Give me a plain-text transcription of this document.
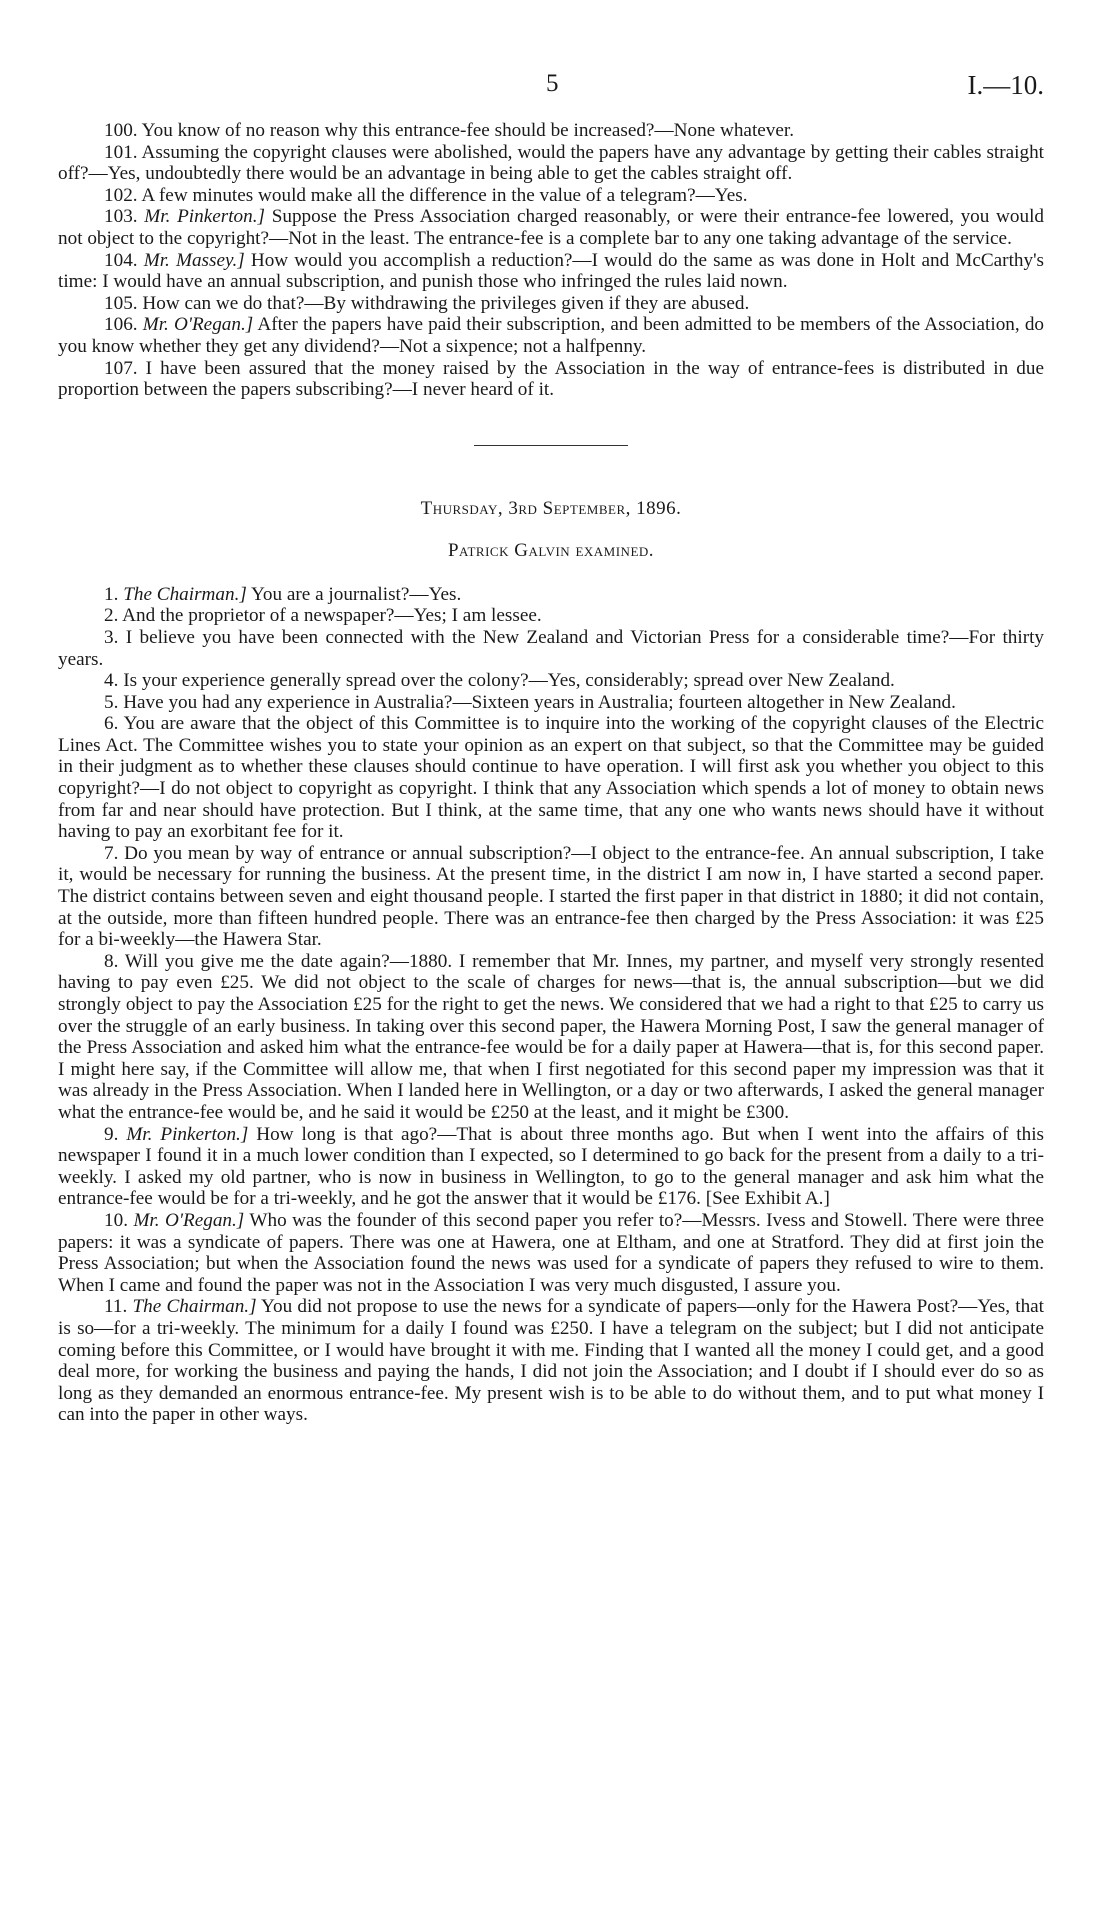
5	I.—10.

100. You know of no reason why this entrance-fee should be increased?—None whatever.

101. Assuming the copyright clauses were abolished, would the papers have any advantage by getting their cables straight off?—Yes, undoubtedly there would be an advantage in being able to get the cables straight off.

102. A few minutes would make all the difference in the value of a telegram?—Yes.

103. Mr. Pinkerton.] Suppose the Press Association charged reasonably, or were their entrance-fee lowered, you would not object to the copyright?—Not in the least. The entrance-fee is a complete bar to any one taking advantage of the service.

104. Mr. Massey.] How would you accomplish a reduction?—I would do the same as was done in Holt and McCarthy's time: I would have an annual subscription, and punish those who infringed the rules laid nown.

105. How can we do that?—By withdrawing the privileges given if they are abused.

106. Mr. O'Regan.] After the papers have paid their subscription, and been admitted to be members of the Association, do you know whether they get any dividend?—Not a sixpence; not a halfpenny.

107. I have been assured that the money raised by the Association in the way of entrance-fees is distributed in due proportion between the papers subscribing?—I never heard of it.

Thursday, 3rd September, 1896.

Patrick Galvin examined.

1. The Chairman.] You are a journalist?—Yes.

2. And the proprietor of a newspaper?—Yes; I am lessee.

3. I believe you have been connected with the New Zealand and Victorian Press for a considerable time?—For thirty years.

4. Is your experience generally spread over the colony?—Yes, considerably; spread over New Zealand.

5. Have you had any experience in Australia?—Sixteen years in Australia; fourteen altogether in New Zealand.

6. You are aware that the object of this Committee is to inquire into the working of the copyright clauses of the Electric Lines Act. The Committee wishes you to state your opinion as an expert on that subject, so that the Committee may be guided in their judgment as to whether these clauses should continue to have operation. I will first ask you whether you object to this copyright?—I do not object to copyright as copyright. I think that any Association which spends a lot of money to obtain news from far and near should have protection. But I think, at the same time, that any one who wants news should have it without having to pay an exorbitant fee for it.

7. Do you mean by way of entrance or annual subscription?—I object to the entrance-fee. An annual subscription, I take it, would be necessary for running the business. At the present time, in the district I am now in, I have started a second paper. The district contains between seven and eight thousand people. I started the first paper in that district in 1880; it did not contain, at the outside, more than fifteen hundred people. There was an entrance-fee then charged by the Press Association: it was £25 for a bi-weekly—the Hawera Star.

8. Will you give me the date again?—1880. I remember that Mr. Innes, my partner, and myself very strongly resented having to pay even £25. We did not object to the scale of charges for news—that is, the annual subscription—but we did strongly object to pay the Association £25 for the right to get the news. We considered that we had a right to that £25 to carry us over the struggle of an early business. In taking over this second paper, the Hawera Morning Post, I saw the general manager of the Press Association and asked him what the entrance-fee would be for a daily paper at Hawera—that is, for this second paper. I might here say, if the Committee will allow me, that when I first negotiated for this second paper my impression was that it was already in the Press Association. When I landed here in Wellington, or a day or two afterwards, I asked the general manager what the entrance-fee would be, and he said it would be £250 at the least, and it might be £300.

9. Mr. Pinkerton.] How long is that ago?—That is about three months ago. But when I went into the affairs of this newspaper I found it in a much lower condition than I expected, so I determined to go back for the present from a daily to a tri-weekly. I asked my old partner, who is now in business in Wellington, to go to the general manager and ask him what the entrance-fee would be for a tri-weekly, and he got the answer that it would be £176. [See Exhibit A.]

10. Mr. O'Regan.] Who was the founder of this second paper you refer to?—Messrs. Ivess and Stowell. There were three papers: it was a syndicate of papers. There was one at Hawera, one at Eltham, and one at Stratford. They did at first join the Press Association; but when the Association found the news was used for a syndicate of papers they refused to wire to them. When I came and found the paper was not in the Association I was very much disgusted, I assure you.

11. The Chairman.] You did not propose to use the news for a syndicate of papers—only for the Hawera Post?—Yes, that is so—for a tri-weekly. The minimum for a daily I found was £250. I have a telegram on the subject; but I did not anticipate coming before this Committee, or I would have brought it with me. Finding that I wanted all the money I could get, and a good deal more, for working the business and paying the hands, I did not join the Association; and I doubt if I should ever do so as long as they demanded an enormous entrance-fee. My present wish is to be able to do without them, and to put what money I can into the paper in other ways.
